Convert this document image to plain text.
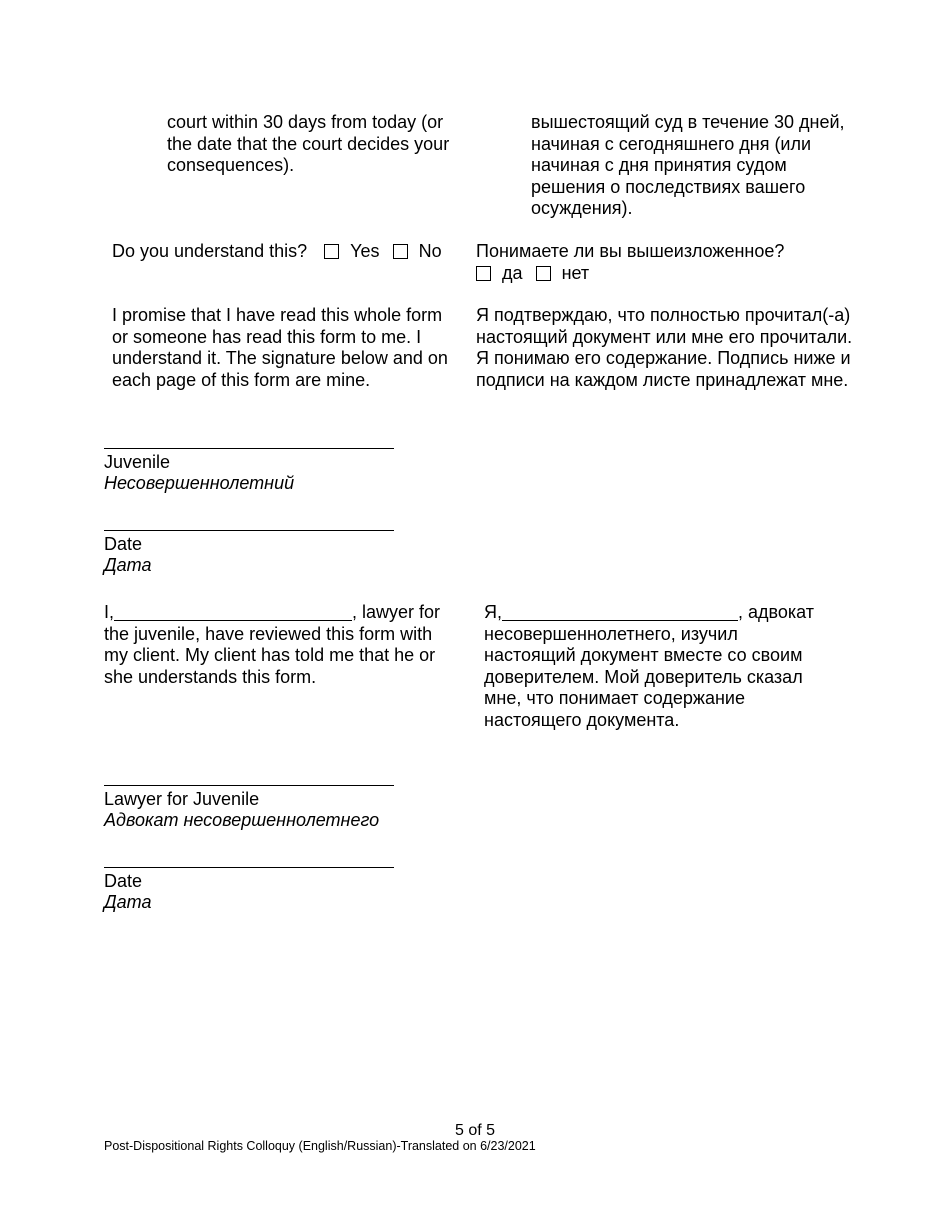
court within 30 days from today (or the date that the court decides your consequences).
вышестоящий суд в течение 30 дней, начиная с сегодняшнего дня (или начиная с дня принятия судом решения о последствиях вашего осуждения).
Do you understand this? Yes No Понимаете ли вы вышеизложенное?
да нет
I promise that I have read this whole form or someone has read this form to me. I understand it. The signature below and on each page of this form are mine.
Я подтверждаю, что полностью прочитал(-а) настоящий документ или мне его прочитали. Я понимаю его содержание. Подпись ниже и подписи на каждом листе принадлежат мне.
Juvenile
Несовершеннолетний
Date
Дата
I,	, lawyer for the juvenile, have reviewed this form with my client. My client has told me that he or she understands this form.
Я,	, адвокат несовершеннолетнего, изучил настоящий документ вместе со своим доверителем. Мой доверитель сказал мне, что понимает содержание настоящего документа.
Lawyer for Juvenile
Адвокат несовершеннолетнего
Date
Дата
5 of 5
Post-Dispositional Rights Colloquy (English/Russian)-Translated on 6/23/2021
